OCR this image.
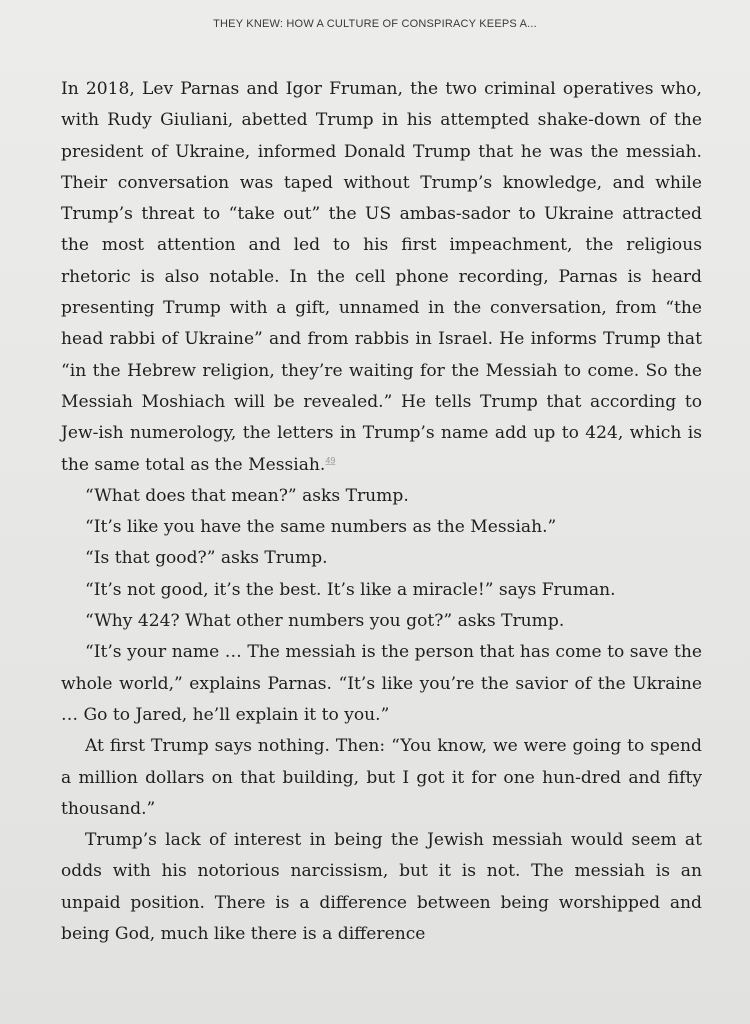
THEY KNEW: HOW A CULTURE OF CONSPIRACY KEEPS A...

In 2018, Lev Parnas and Igor Fruman, the two criminal operatives who, with Rudy Giuliani, abetted Trump in his attempted shake-down of the president of Ukraine, informed Donald Trump that he was the messiah. Their conversation was taped without Trump’s knowledge, and while Trump’s threat to “take out” the US ambas-sador to Ukraine attracted the most attention and led to his first impeachment, the religious rhetoric is also notable. In the cell phone recording, Parnas is heard presenting Trump with a gift, unnamed in the conversation, from “the head rabbi of Ukraine” and from rabbis in Israel. He informs Trump that “in the Hebrew religion, they’re waiting for the Messiah to come. So the Messiah Moshiach will be revealed.” He tells Trump that according to Jew-ish numerology, the letters in Trump’s name add up to 424, which is the same total as the Messiah.$^{49}$

“What does that mean?” asks Trump.

“It’s like you have the same numbers as the Messiah.”

“Is that good?” asks Trump.

“It’s not good, it’s the best. It’s like a miracle!” says Fruman.

“Why 424? What other numbers you got?” asks Trump.

“It’s your name … The messiah is the person that has come to save the whole world,” explains Parnas. “It’s like you’re the savior of the Ukraine … Go to Jared, he’ll explain it to you.”

At first Trump says nothing. Then: “You know, we were going to spend a million dollars on that building, but I got it for one hun-dred and fifty thousand.”

Trump’s lack of interest in being the Jewish messiah would seem at odds with his notorious narcissism, but it is not. The messiah is an unpaid position. There is a difference between being worshipped and being God, much like there is a difference
